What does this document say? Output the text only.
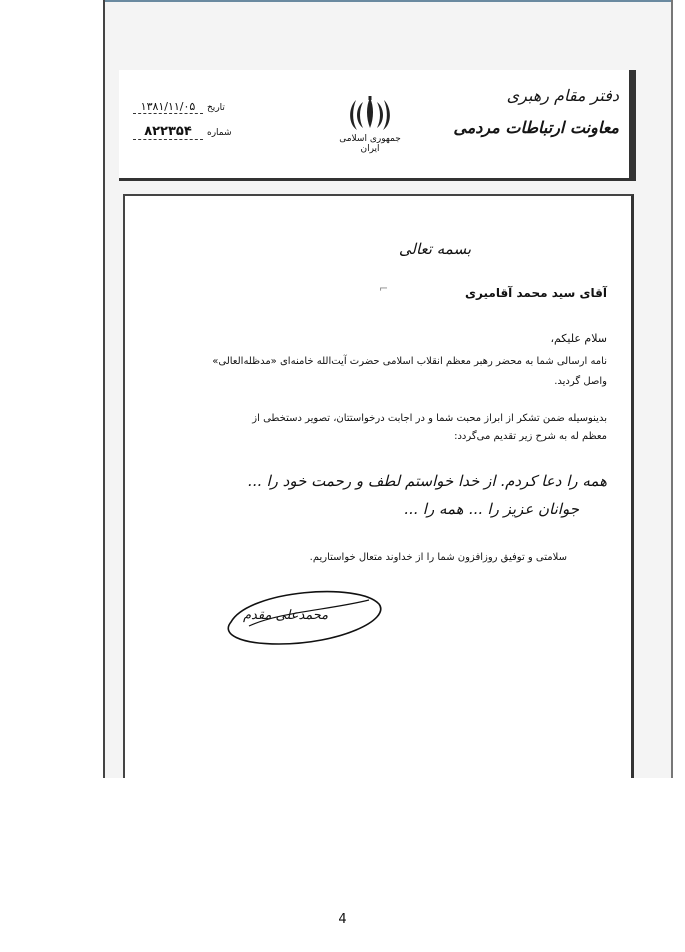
دفتر مقام رهبری
معاونت ارتباطات مردمی
جمهوری اسلامی ایران
تاریخ
۱۳۸۱/۱۱/۰۵
شماره
۸۲۲۳۵۴
بسمه تعالی
⌐	آقای سید محمد آقامیری
سلام علیکم،
نامه ارسالی شما به محضر رهبر معظم انقلاب اسلامی حضرت آیت‌الله خامنه‌ای «مدظله‌العالی»
واصل گردید.
بدینوسیله ضمن تشکر از ابراز محبت شما و در اجابت درخواستتان، تصویر دستخطی از
معظم له به شرح زیر تقدیم می‌گردد:
همه را دعا کردم. از خدا خواستم لطف و رحمت خود را ...
جوانان عزیز را ... همه را ...
سلامتی و توفیق روزافزون شما را از خداوند متعال خواستاریم.
محمدعلی مقدم
4
